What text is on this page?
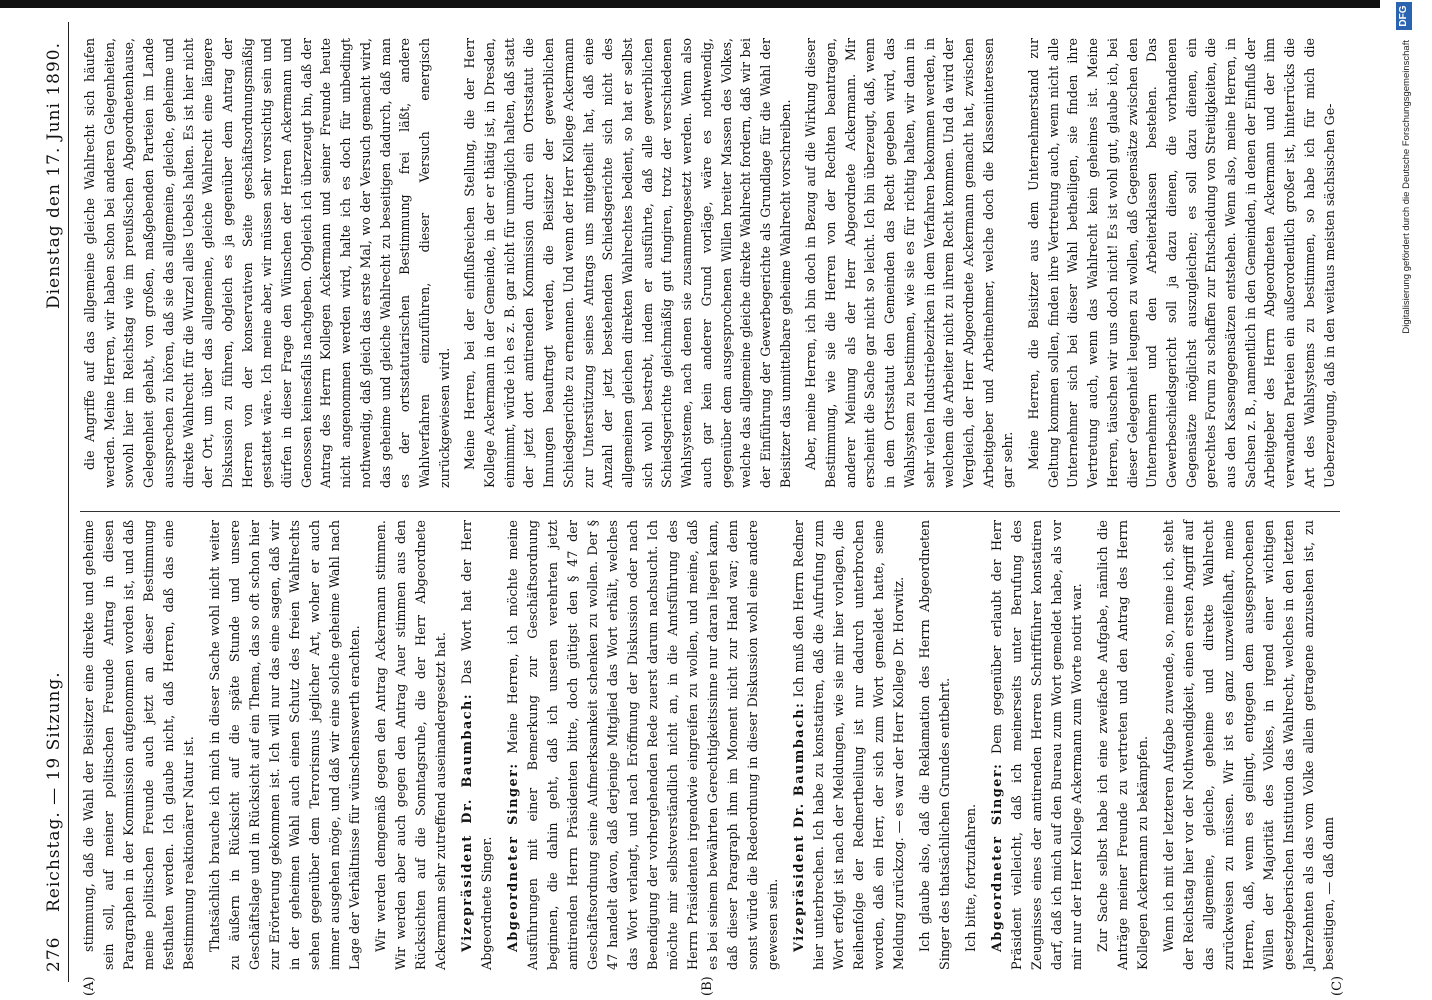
276
Reichstag. — 19 Sitzung.
Dienstag den 17. Juni 1890.
(A)	(B)	(C)

stimmung, daß die Wahl der Beisitzer eine direkte und geheime sein soll, auf meiner politischen Freunde Antrag in diesen Paragraphen in der Kommission aufgenommen worden ist, und daß meine politischen Freunde auch jetzt an dieser Bestimmung festhalten werden. Ich glaube nicht, daß Herren, daß das eine Bestimmung reaktionärer Natur ist. Thatsächlich brauche ich mich in dieser Sache wohl nicht weiter zu äußern in Rücksicht auf die späte Stunde und unsere Geschäftslage und in Rücksicht auf ein Thema, das so oft schon hier zur Erörterung gekommen ist. Ich will nur das eine sagen, daß wir in der geheimen Wahl auch einen Schutz des freien Wahlrechts sehen gegenüber dem Terrorismus jeglicher Art, woher er auch immer ausgehen möge, und daß wir eine solche geheime Wahl nach Lage der Verhältnisse für wünschenswerth erachten. Wir werden demgemäß gegen den Antrag Ackermann stimmen. Wir werden aber auch gegen den Antrag Auer stimmen aus den Rücksichten auf die Sonntagsruhe, die der Herr Abgeordnete Ackermann sehr zutreffend auseinandergesetzt hat. Vizepräsident Dr. Baumbach: Das Wort hat der Herr Abgeordnete Singer. Abgeordneter Singer: Meine Herren, ich möchte meine Ausführungen mit einer Bemerkung zur Geschäftsordnung beginnen, die dahin geht, daß ich unseren verehrten jetzt amtirenden Herrn Präsidenten bitte, doch gütigst den § 47 der Geschäftsordnung seine Aufmerksamkeit schenken zu wollen. Der § 47 handelt davon, daß derjenige Mitglied das Wort erhält, welches das Wort verlangt, und nach Eröffnung der Diskussion oder nach Beendigung der vorhergehenden Rede zuerst darum nachsucht. Ich möchte mir selbstverständlich nicht an, in die Amtsführung des Herrn Präsidenten irgendwie eingreifen zu wollen, und meine, daß es bei seinem bewährten Gerechtigkeitssinne nur daran liegen kann, daß dieser Paragraph ihm im Moment nicht zur Hand war; denn sonst würde die Redeordnung in dieser Diskussion wohl eine andere gewesen sein. Vizepräsident Dr. Baumbach: Ich muß den Herrn Redner hier unterbrechen. Ich habe zu konstatiren, daß die Aufrufung zum Wort erfolgt ist nach der Meldungen, wie sie mir hier vorlagen, die Reihenfolge der Rednertheilung ist nur dadurch unterbrochen worden, daß ein Herr, der sich zum Wort gemeldet hatte, seine Meldung zurückzog. — es war der Herr Kollege Dr. Horwitz. Ich glaube also, daß die Reklamation des Herrn Abgeordneten Singer des thatsächlichen Grundes entbehrt. Ich bitte, fortzufahren. Abgeordneter Singer: Dem gegenüber erlaubt der Herr Präsident vielleicht, daß ich meinerseits unter Berufung des Zeugnisses eines der amtirenden Herren Schriftführer konstatiren darf, daß ich mich auf den Bureau zum Wort gemeldet habe, als vor mir nur der Herr Kollege Ackermann zum Worte notirt war. Zur Sache selbst habe ich eine zweifache Aufgabe, nämlich die Anträge meiner Freunde zu vertreten und den Antrag des Herrn Kollegen Ackermann zu bekämpfen. Wenn ich mit der letzteren Aufgabe zuwende, so, meine ich, steht der Reichstag hier vor der Nothwendigkeit, einen ersten Angriff auf das allgemeine, gleiche, geheime und direkte Wahlrecht zurückweisen zu müssen. Wir ist es ganz unzweifelhaft, meine Herren, daß, wenn es gelingt, entgegen dem ausgesprochenen Willen der Majorität des Volkes, in irgend einer wichtigen gesetzgeberischen Institution das Wahlrecht, welches in den letzten Jahrzehnten als das vom Volke allein getragene anzusehen ist, zu beseitigen, — daß dann

die Angriffe auf das allgemeine gleiche Wahlrecht sich häufen werden. Meine Herren, wir haben schon bei anderen Gelegenheiten, sowohl hier im Reichstag wie im preußischen Abgeordnetenhause, Gelegenheit gehabt, von großen, maßgebenden Parteien im Lande aussprechen zu hören, daß sie das allgemeine, gleiche, geheime und direkte Wahlrecht für die Wurzel alles Uebels halten. Es ist hier nicht der Ort, um über das allgemeine, gleiche Wahlrecht eine längere Diskussion zu führen, obgleich es ja gegenüber dem Antrag der Herren von der konservativen Seite geschäftsordnungsmäßig gestattet wäre. Ich meine aber, wir müssen sehr vorsichtig sein und dürfen in dieser Frage den Wünschen der Herren Ackermann und Genossen keinesfalls nachgeben. Obgleich ich überzeugt bin, daß der Antrag des Herrn Kollegen Ackermann und seiner Freunde heute nicht angenommen werden wird, halte ich es doch für unbedingt nothwendig, daß gleich das erste Mal, wo der Versuch gemacht wird, das geheime und gleiche Wahlrecht zu beseitigen dadurch, daß man es der ortsstatutarischen Bestimmung frei läßt, andere Wahlverfahren einzuführen, dieser Versuch energisch zurückgewiesen wird. Meine Herren, bei der einflußreichen Stellung, die der Herr Kollege Ackermann in der Gemeinde, in der er thätig ist, in Dresden, einnimmt, würde ich es z. B. gar nicht für unmöglich halten, daß statt der jetzt dort amtirenden Kommission durch ein Ortsstatut die Innungen beauftragt werden, die Beisitzer der gewerblichen Schiedsgerichte zu ernennen. Und wenn der Herr Kollege Ackermann zur Unterstützung seines Antrags uns mitgetheilt hat, daß eine Anzahl der jetzt bestehenden Schiedsgerichte sich nicht des allgemeinen gleichen direkten Wahlrechtes bedient, so hat er selbst sich wohl bestrebt, indem er ausführte, daß alle gewerblichen Schiedsgerichte gleichmäßig gut fungiren, trotz der verschiedenen Wahlsysteme, nach denen sie zusammengesetzt werden. Wenn also auch gar kein anderer Grund vorläge, wäre es nothwendig, gegenüber dem ausgesprochenen Willen breiter Massen des Volkes, welche das allgemeine gleiche direkte Wahlrecht fordern, daß wir bei der Einführung der Gewerbegerichte als Grundlage für die Wahl der Beisitzer das unmittelbare geheime Wahlrecht vorschreiben. Aber, meine Herren, ich bin doch in Bezug auf die Wirkung dieser Bestimmung, wie sie die Herren von der Rechten beantragen, anderer Meinung als der Herr Abgeordnete Ackermann. Mir erscheint die Sache gar nicht so leicht. Ich bin überzeugt, daß, wenn in dem Ortsstatut den Gemeinden das Recht gegeben wird, das Wahlsystem zu bestimmen, wie sie es für richtig halten, wir dann in sehr vielen Industriebezirken in dem Verfahren bekommen werden, in welchem die Arbeiter nicht zu ihrem Recht kommen. Und da wird der Vergleich, der Herr Abgeordnete Ackermann gemacht hat, zwischen Arbeitgeber und Arbeitnehmer, welche doch die Klasseninteressen gar sehr. Meine Herren, die Beisitzer aus dem Unternehmerstand zur Geltung kommen sollen, finden ihre Vertretung auch, wenn nicht alle Unternehmer sich bei dieser Wahl betheiligen, sie finden ihre Vertretung auch, wenn das Wahlrecht kein geheimes ist. Meine Herren, täuschen wir uns doch nicht! Es ist wohl gut, glaube ich, bei dieser Gelegenheit leugnen zu wollen, daß Gegensätze zwischen den Unternehmern und den Arbeiterklassen bestehen. Das Gewerbeschiedsgericht soll ja dazu dienen, die vorhandenen Gegensätze möglichst auszugleichen; es soll dazu dienen, ein gerechtes Forum zu schaffen zur Entscheidung von Streitigkeiten, die aus den Kassengegensätzen entstehen. Wenn also, meine Herren, in Sachsen z. B., namentlich in den Gemeinden, in denen der Einfluß der Arbeitgeber des Herrn Abgeordneten Ackermann und der ihm verwandten Parteien ein außerordentlich großer ist, hinterrücks die Art des Wahlsystems zu bestimmen, so habe ich für mich die Ueberzeugung, daß in den weitaus meisten sächsischen Ge-	Digitalisierung gefördert durch die Deutsche Forschungsgemeinschaft
DFG
